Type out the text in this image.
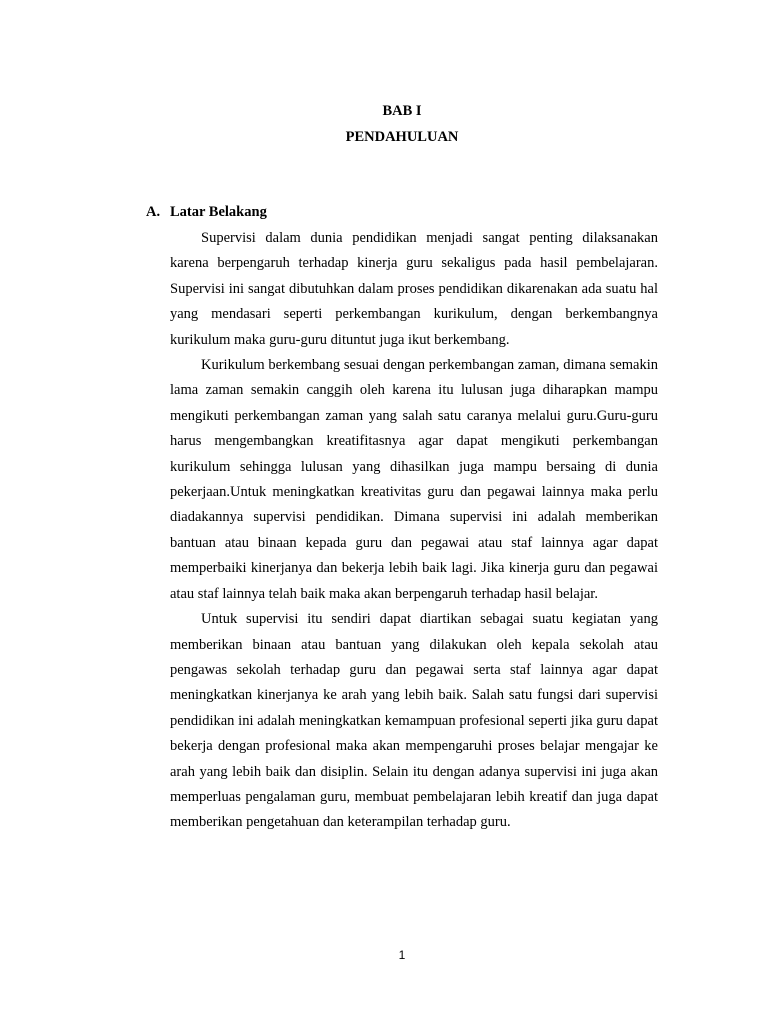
BAB I
PENDAHULUAN
A. Latar Belakang

Supervisi dalam dunia pendidikan menjadi sangat penting dilaksanakan karena berpengaruh terhadap kinerja guru sekaligus pada hasil pembelajaran. Supervisi ini sangat dibutuhkan dalam proses pendidikan dikarenakan ada suatu hal yang mendasari seperti perkembangan kurikulum, dengan berkembangnya kurikulum maka guru-guru dituntut juga ikut berkembang.

Kurikulum berkembang sesuai dengan perkembangan zaman, dimana semakin lama zaman semakin canggih oleh karena itu lulusan juga diharapkan mampu mengikuti perkembangan zaman yang salah satu caranya melalui guru.Guru-guru harus mengembangkan kreatifitasnya agar dapat mengikuti perkembangan kurikulum sehingga lulusan yang dihasilkan juga mampu bersaing di dunia pekerjaan.Untuk meningkatkan kreativitas guru dan pegawai lainnya maka perlu diadakannya supervisi pendidikan. Dimana supervisi ini adalah memberikan bantuan atau binaan kepada guru dan pegawai atau staf lainnya agar dapat memperbaiki kinerjanya dan bekerja lebih baik lagi. Jika kinerja guru dan pegawai atau staf lainnya telah baik maka akan berpengaruh terhadap hasil belajar.

Untuk supervisi itu sendiri dapat diartikan sebagai suatu kegiatan yang memberikan binaan atau bantuan yang dilakukan oleh kepala sekolah atau pengawas sekolah terhadap guru dan pegawai serta staf lainnya agar dapat meningkatkan kinerjanya ke arah yang lebih baik. Salah satu fungsi dari supervisi pendidikan ini adalah meningkatkan kemampuan profesional seperti jika guru dapat bekerja dengan profesional maka akan mempengaruhi proses belajar mengajar ke arah yang lebih baik dan disiplin. Selain itu dengan adanya supervisi ini juga akan memperluas pengalaman guru, membuat pembelajaran lebih kreatif dan juga dapat memberikan pengetahuan dan keterampilan terhadap guru.

1
